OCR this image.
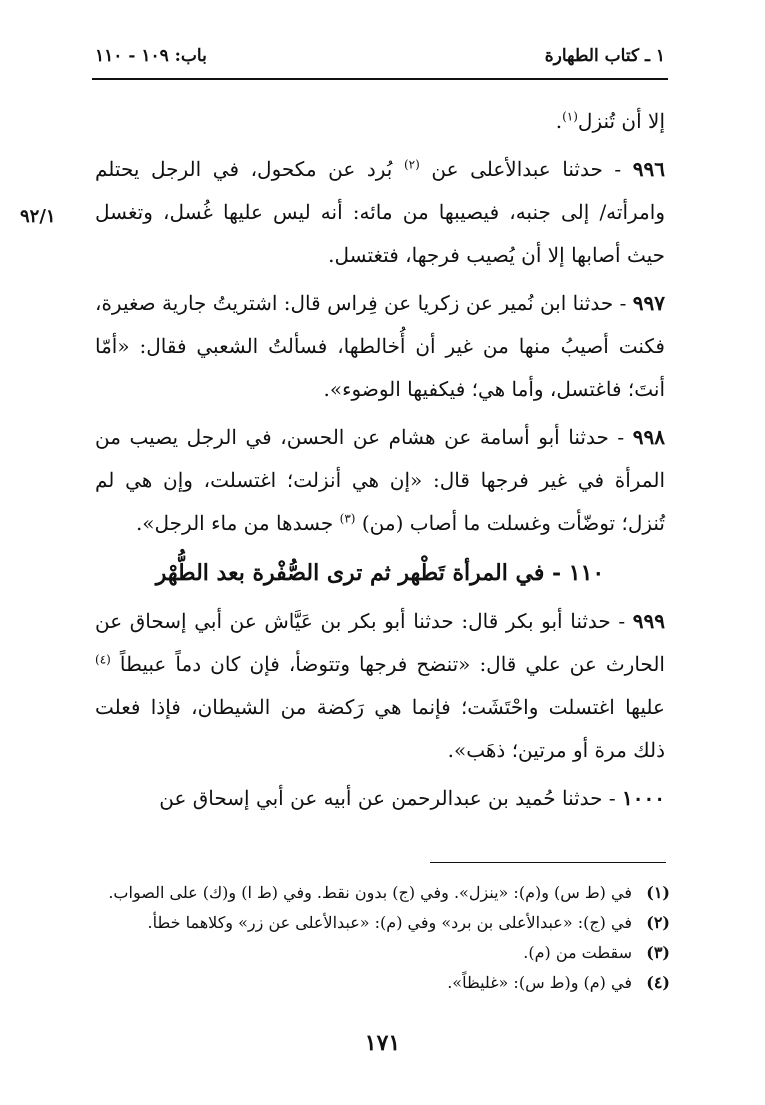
١ ـ كتاب الطهارة
باب: ١٠٩ - ١١٠
٩٢/١

إلا أن تُنزل$^{(١)}$.

٩٩٦ - حدثنا عبدالأعلى عن $^{(٢)}$ بُرد عن مكحول، في الرجل يحتلم وامرأته/ إلى جنبه، فيصيبها من مائه: أنه ليس عليها غُسل، وتغسل حيث أصابها إلا أن يُصيب فرجها، فتغتسل.

٩٩٧ - حدثنا ابن نُمير عن زكريا عن فِراس قال: اشتريتُ جارية صغيرة، فكنت أصيبُ منها من غير أن أُخالطها، فسألتُ الشعبي فقال: «أمّا أنتَ؛ فاغتسل، وأما هي؛ فيكفيها الوضوء».

٩٩٨ - حدثنا أبو أسامة عن هشام عن الحسن، في الرجل يصيب من المرأة في غير فرجها قال: «إن هي أنزلت؛ اغتسلت، وإن هي لم تُنزل؛ توضّأت وغسلت ما أصاب (من) $^{(٣)}$ جسدها من ماء الرجل».

١١٠ - في المرأة تَطْهر ثم ترى الصُّفْرة بعد الطُّهْر

٩٩٩ - حدثنا أبو بكر قال: حدثنا أبو بكر بن عَيَّاش عن أبي إسحاق عن الحارث عن علي قال: «تنضح فرجها وتتوضأ، فإن كان دماً عبيطاً $^{(٤)}$ عليها اغتسلت واحْتَشَت؛ فإنما هي رَكضة من الشيطان، فإذا فعلت ذلك مرة أو مرتين؛ ذهَب».

١٠٠٠ - حدثنا حُميد بن عبدالرحمن عن أبيه عن أبي إسحاق عن

(١)في (ط س) و(م): «ينزل». وفي (ج) بدون نقط. وفي (ط ا) و(ك) على الصواب.
(٢)في (ج): «عبدالأعلى بن برد» وفي (م): «عبدالأعلى عن زر» وكلاهما خطأ.
(٣)سقطت من (م).
(٤)في (م) و(ط س): «غليظاً».
١٧١
